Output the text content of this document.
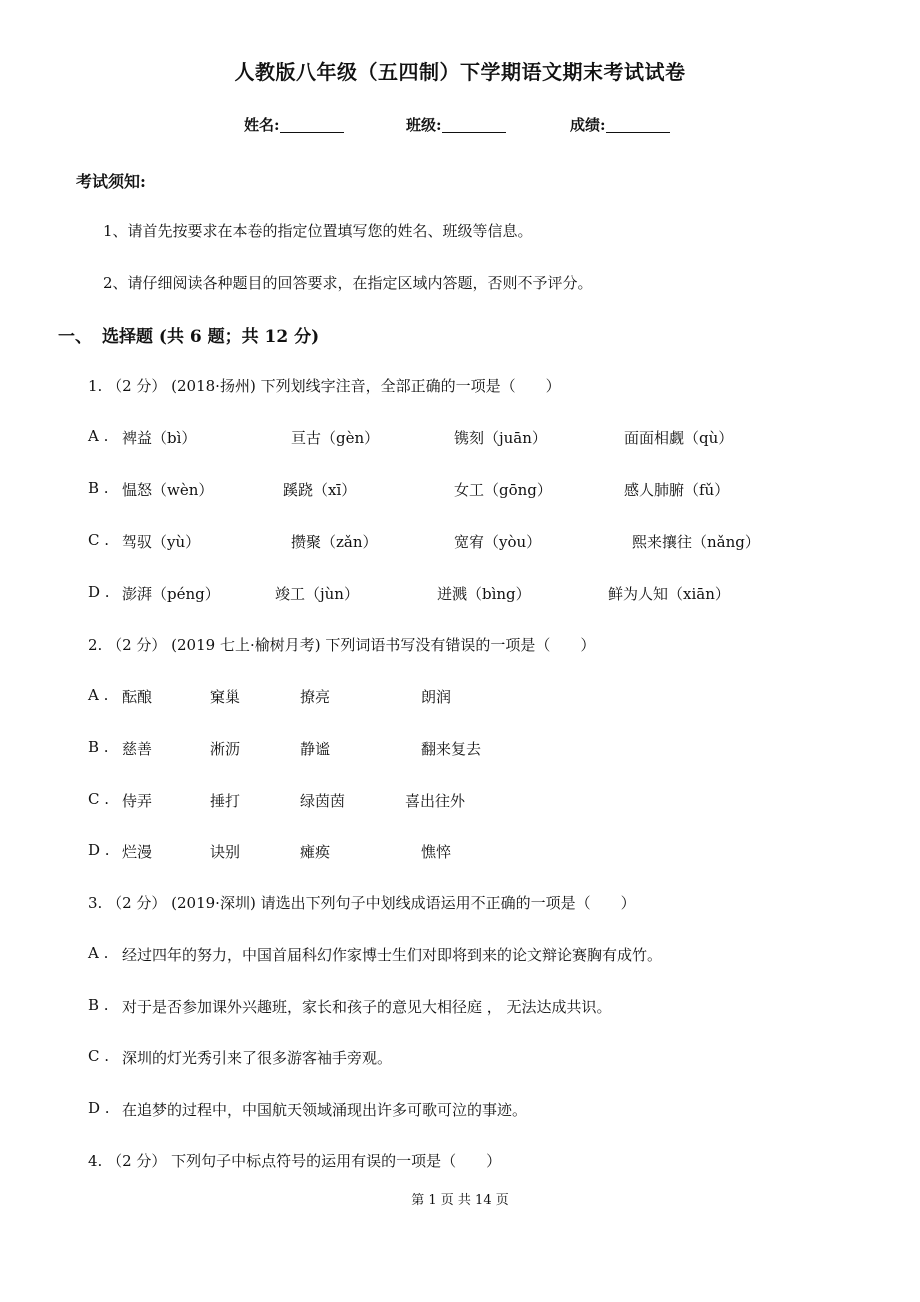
人教版八年级（五四制）下学期语文期末考试试卷
姓名:	班级:	成绩:
考试须知:
1、请首先按要求在本卷的指定位置填写您的姓名、班级等信息。
2、请仔细阅读各种题目的回答要求，在指定区域内答题，否则不予评分。
一、 选择题 (共 6 题；共 12 分)
1. （2 分） (2018·扬州) 下列划线字注音，全部正确的一项是（　　）
A . 裨益（bì）	亘古（gèn）	镌刻（juān）	面面相觑（qù）
B . 愠怒（wèn）	蹊跷（xī）	女工（gōng）	感人肺腑（fǔ）
C . 驾驭（yù）	攒聚（zǎn）	宽宥（yòu）	熙来攘往（nǎng）
D . 澎湃（péng）	竣工（jùn）	迸溅（bìng）	鲜为人知（xiān）
2. （2 分） (2019 七上·榆树月考) 下列词语书写没有错误的一项是（　　）
A . 酝酿	窠巢	撩亮	朗润
B . 慈善	淅沥	静谧	翻来复去
C . 侍弄	捶打	绿茵茵	喜出往外
D . 烂漫	诀别	瘫痪	憔悴
3. （2 分） (2019·深圳) 请选出下列句子中划线成语运用不正确的一项是（　　）
A . 经过四年的努力，中国首届科幻作家博士生们对即将到来的论文辩论赛胸有成竹。
B . 对于是否参加课外兴趣班，家长和孩子的意见大相径庭 ， 无法达成共识。
C . 深圳的灯光秀引来了很多游客袖手旁观。
D . 在追梦的过程中，中国航天领域涌现出许多可歌可泣的事迹。
4. （2 分） 下列句子中标点符号的运用有误的一项是（　　）
第 1 页 共 14 页
